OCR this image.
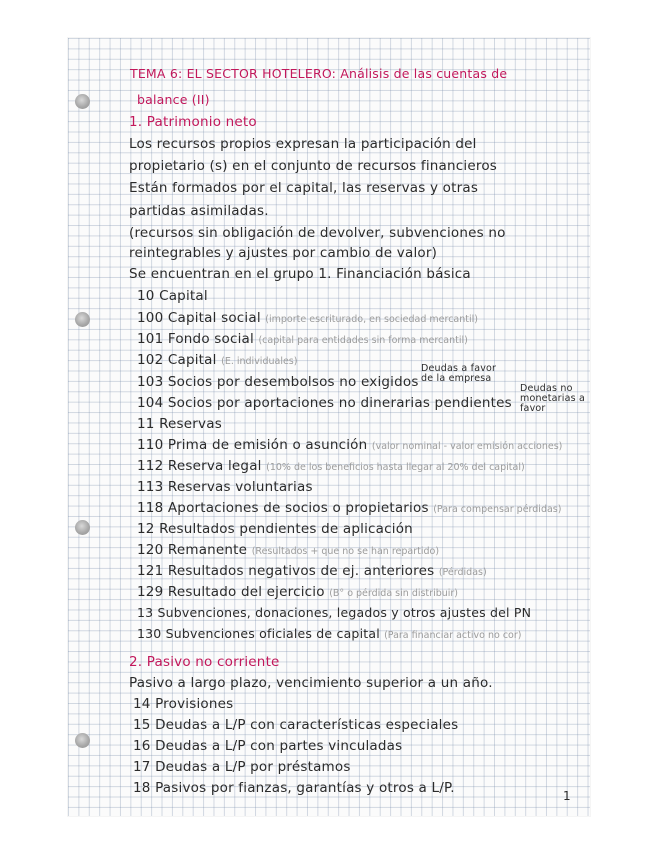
TEMA 6: EL SECTOR HOTELERO: Análisis de las cuentas de
balance (II)
1. Patrimonio neto
Los recursos propios expresan la participación del
propietario (s) en el conjunto de recursos financieros
Están formados por el capital, las reservas y otras
partidas asimiladas.
(recursos sin obligación de devolver, subvenciones no
reintegrables y ajustes por cambio de valor)
Se encuentran en el grupo 1. Financiación básica
10 Capital
100 Capital social (importe escriturado, en sociedad mercantil)
101 Fondo social (capital para entidades sin forma mercantil)
102 Capital (E. individuales)
103 Socios por desembolsos no exigidos
104 Socios por aportaciones no dinerarias pendientes
Deudas a favor
de la empresa
Deudas no
monetarias a
favor
11 Reservas
110 Prima de emisión o asunción (valor nominal - valor emisión acciones)
112 Reserva legal (10% de los beneficios hasta llegar al 20% del capital)
113 Reservas voluntarias
118 Aportaciones de socios o propietarios (Para compensar pérdidas)
12 Resultados pendientes de aplicación
120 Remanente (Resultados + que no se han repartido)
121 Resultados negativos de ej. anteriores (Pérdidas)
129 Resultado del ejercicio (B° o pérdida sin distribuir)
13 Subvenciones, donaciones, legados y otros ajustes del PN
130 Subvenciones oficiales de capital (Para financiar activo no cor)
2. Pasivo no corriente
Pasivo a largo plazo, vencimiento superior a un año.
14 Provisiones
15 Deudas a L/P con características especiales
16 Deudas a L/P con partes vinculadas
17 Deudas a L/P por préstamos
18 Pasivos por fianzas, garantías y otros a L/P.	1
